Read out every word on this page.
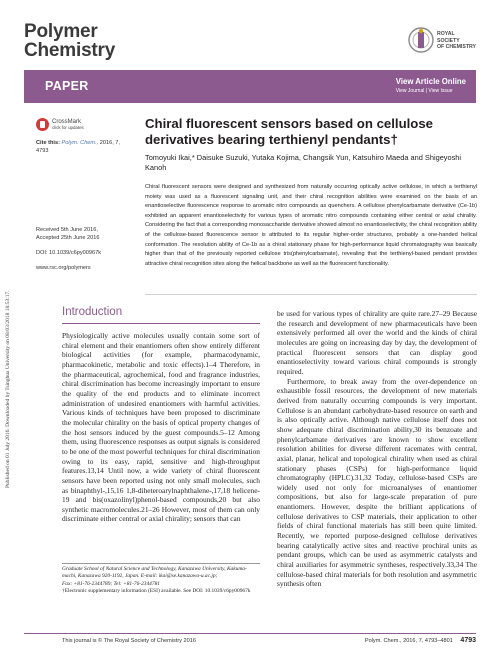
Polymer
Chemistry
ROYAL SOCIETY
OF CHEMISTRY
PAPER	View Article Online
View Journal | View Issue
Published on 01 July 2016. Downloaded by Tsinghua University on 08/03/2018 18:53:17.
CrossMark
click for updates
Cite this: Polym. Chem., 2016, 7,
4793
Received 5th June 2016,
Accepted 25th June 2016
DOI: 10.1039/c6py00967k
www.rsc.org/polymers
Chiral fluorescent sensors based on cellulose derivatives bearing terthienyl pendants†
Tomoyuki Ikai,* Daisuke Suzuki, Yutaka Kojima, Changsik Yun, Katsuhiro Maeda and Shigeyoshi Kanoh
Chiral fluorescent sensors were designed and synthesized from naturally occurring optically active cellulose, in which a terthienyl moiety was used as a fluorescent signaling unit, and their chiral recognition abilities were examined on the basis of an enantioselective fluorescence response to aromatic nitro compounds as quenchers. A cellulose phenylcarbamate derivative (Ce-1b) exhibited an apparent enantioselectivity for various types of aromatic nitro compounds containing either central or axial chirality. Considering the fact that a corresponding monosaccharide derivative showed almost no enantioselectivity, the chiral recognition ability of the cellulose-based fluorescence sensor is attributed to its regular higher-order structures, probably a one-handed helical conformation. The resolution ability of Ce-1b as a chiral stationary phase for high-performance liquid chromatography was basically higher than that of the previously reported cellulose tris(phenylcarbamate), revealing that the terthienyl-based pendant provides attractive chiral recognition sites along the helical backbone as well as the fluorescent functionality.
Introduction

Physiologically active molecules usually contain some sort of chiral element and their enantiomers often show entirely different biological activities (for example, pharmacodynamic, pharmacokinetic, metabolic and toxic effects).1–4 Therefore, in the pharmaceutical, agrochemical, food and fragrance industries, chiral discrimination has become increasingly important to ensure the quality of the end products and to eliminate incorrect administration of undesired enantiomers with harmful activities. Various kinds of techniques have been proposed to discriminate the molecular chirality on the basis of optical property changes of the host sensors induced by the guest compounds.5–12 Among them, using fluorescence responses as output signals is considered to be one of the most powerful techniques for chiral discrimination owing to its easy, rapid, sensitive and high-throughput features.13,14 Until now, a wide variety of chiral fluorescent sensors have been reported using not only small molecules, such as binaphthyl-,15,16 1,8-diheteroarylnaphthalene-,17,18 helicene-19 and bis(oxazolinyl)phenol-based compounds,20 but also synthetic macromolecules.21–26 However, most of them can only discriminate either central or axial chirality; sensors that can

be used for various types of chirality are quite rare.27–29 Because the research and development of new pharmaceuticals have been extensively performed all over the world and the kinds of chiral molecules are going on increasing day by day, the development of practical fluorescent sensors that can display good enantioselectivity toward various chiral compounds is strongly required.

Furthermore, to break away from the over-dependence on exhaustible fossil resources, the development of new materials derived from naturally occurring compounds is very important. Cellulose is an abundant carbohydrate-based resource on earth and is also optically active. Although native cellulose itself does not show adequate chiral discrimination ability,30 its benzoate and phenylcarbamate derivatives are known to show excellent resolution abilities for diverse different racemates with central, axial, planar, helical and topological chirality when used as chiral stationary phases (CSPs) for high-performance liquid chromatography (HPLC).31,32 Today, cellulose-based CSPs are widely used not only for microanalyses of enantiomer compositions, but also for large-scale preparation of pure enantiomers. However, despite the brilliant applications of cellulose derivatives to CSP materials, their application to other fields of chiral functional materials has still been quite limited. Recently, we reported purpose-designed cellulose derivatives bearing catalytically active sites and reactive prochiral units as pendant groups, which can be used as asymmetric catalysts and chiral auxiliaries for asymmetric syntheses, respectively.33,34 The cellulose-based chiral materials for both resolution and asymmetric synthesis often

Graduate School of Natural Science and Technology, Kanazawa University, Kakuma-machi, Kanazawa 920-1192, Japan. E-mail: ikai@se.kanazawa-u.ac.jp;
Fax: +81-76-2344789; Tel: +81-76-2344781
†Electronic supplementary information (ESI) available. See DOI: 10.1039/c6py00967k
This journal is © The Royal Society of Chemistry 2016	Polym. Chem., 2016, 7, 4793–4801 4793
